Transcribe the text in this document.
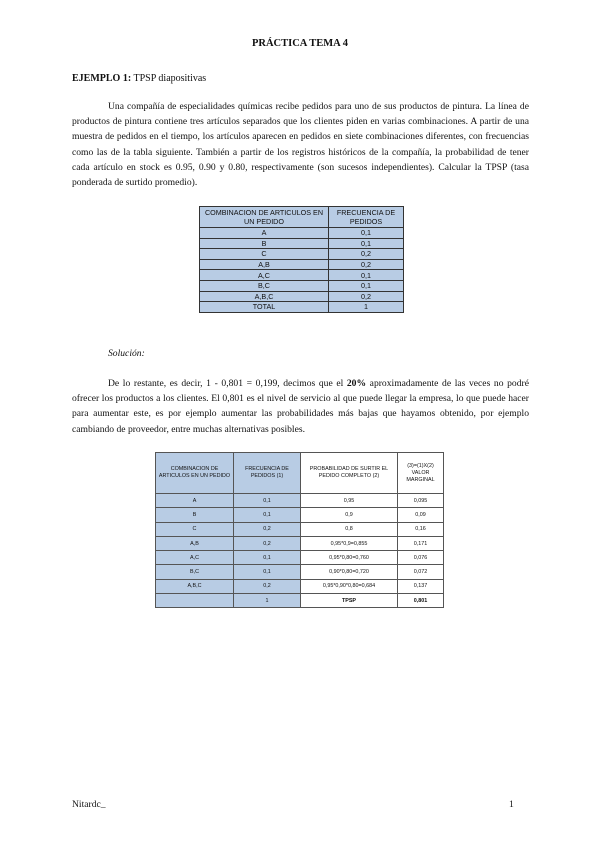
PRÁCTICA TEMA 4
EJEMPLO 1: TPSP diapositivas
Una compañía de especialidades químicas recibe pedidos para uno de sus productos de pintura. La línea de productos de pintura contiene tres artículos separados que los clientes piden en varias combinaciones. A partir de una muestra de pedidos en el tiempo, los artículos aparecen en pedidos en siete combinaciones diferentes, con frecuencias como las de la tabla siguiente. También a partir de los registros históricos de la compañía, la probabilidad de tener cada artículo en stock es 0.95, 0.90 y 0.80, respectivamente (son sucesos independientes). Calcular la TPSP (tasa ponderada de surtido promedio).
COMBINACION DE ARTICULOS EN UN PEDIDO	FRECUENCIA DE PEDIDOS
A	0,1
B	0,1
C	0,2
A,B	0,2
A,C	0,1
B,C	0,1
A,B,C	0,2
TOTAL	1
Solución:
De lo restante, es decir, 1 - 0,801 = 0,199, decimos que el 20% aproximadamente de las veces no podré ofrecer los productos a los clientes. El 0,801 es el nivel de servicio al que puede llegar la empresa, lo que puede hacer para aumentar este, es por ejemplo aumentar las probabilidades más bajas que hayamos obtenido, por ejemplo cambiando de proveedor, entre muchas alternativas posibles.
COMBINACION DE ARTICULOS EN UN PEDIDO	FRECUENCIA DE PEDIDOS (1)	PROBABILIDAD DE SURTIR EL PEDIDO COMPLETO (2)	(3)=(1)X(2) VALOR MARGINAL
A	0,1	0,95	0,095
B	0,1	0,9	0,09
C	0,2	0,8	0,16
A,B	0,2	0,95*0,9=0,855	0,171
A,C	0,1	0,95*0,80=0,760	0,076
B,C	0,1	0,90*0,80=0,720	0,072
A,B,C	0,2	0,95*0,90*0,80=0,684	0,137
	1	TPSP	0,801
Nitardc_	1
